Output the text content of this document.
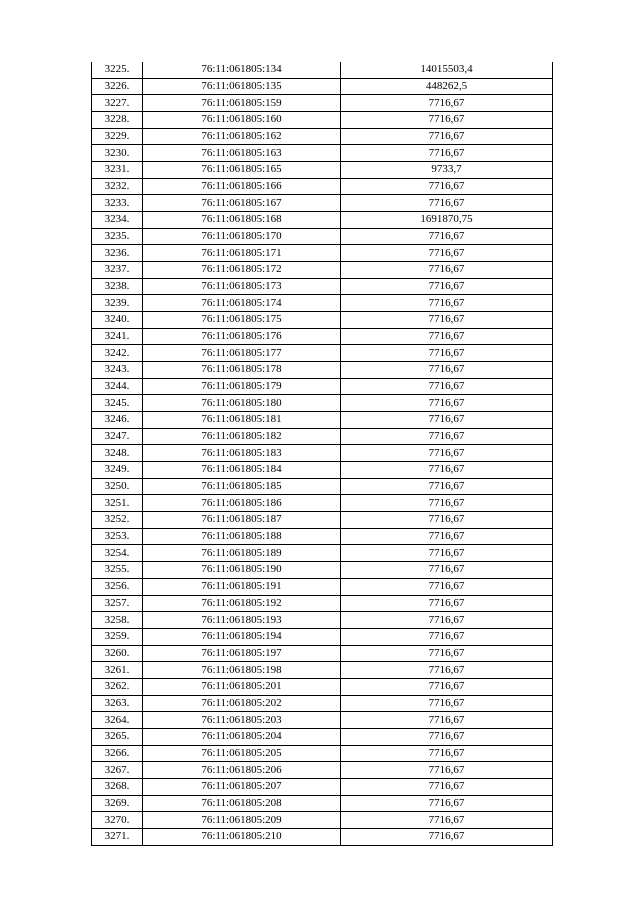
3225.	76:11:061805:134	14015503,4
3226.	76:11:061805:135	448262,5
3227.	76:11:061805:159	7716,67
3228.	76:11:061805:160	7716,67
3229.	76:11:061805:162	7716,67
3230.	76:11:061805:163	7716,67
3231.	76:11:061805:165	9733,7
3232.	76:11:061805:166	7716,67
3233.	76:11:061805:167	7716,67
3234.	76:11:061805:168	1691870,75
3235.	76:11:061805:170	7716,67
3236.	76:11:061805:171	7716,67
3237.	76:11:061805:172	7716,67
3238.	76:11:061805:173	7716,67
3239.	76:11:061805:174	7716,67
3240.	76:11:061805:175	7716,67
3241.	76:11:061805:176	7716,67
3242.	76:11:061805:177	7716,67
3243.	76:11:061805:178	7716,67
3244.	76:11:061805:179	7716,67
3245.	76:11:061805:180	7716,67
3246.	76:11:061805:181	7716,67
3247.	76:11:061805:182	7716,67
3248.	76:11:061805:183	7716,67
3249.	76:11:061805:184	7716,67
3250.	76:11:061805:185	7716,67
3251.	76:11:061805:186	7716,67
3252.	76:11:061805:187	7716,67
3253.	76:11:061805:188	7716,67
3254.	76:11:061805:189	7716,67
3255.	76:11:061805:190	7716,67
3256.	76:11:061805:191	7716,67
3257.	76:11:061805:192	7716,67
3258.	76:11:061805:193	7716,67
3259.	76:11:061805:194	7716,67
3260.	76:11:061805:197	7716,67
3261.	76:11:061805:198	7716,67
3262.	76:11:061805:201	7716,67
3263.	76:11:061805:202	7716,67
3264.	76:11:061805:203	7716,67
3265.	76:11:061805:204	7716,67
3266.	76:11:061805:205	7716,67
3267.	76:11:061805:206	7716,67
3268.	76:11:061805:207	7716,67
3269.	76:11:061805:208	7716,67
3270.	76:11:061805:209	7716,67
3271.	76:11:061805:210	7716,67
